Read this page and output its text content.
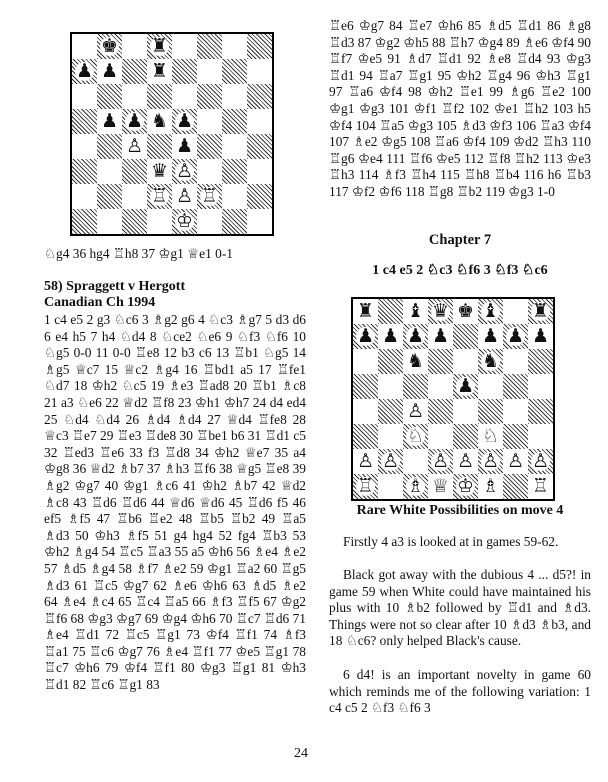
♚ ♜
♟ ♟ ♜
♟ ♟ ♞ ♟
♙ ♟
♛ ♙
♖ ♙ ♖
♔

♘g4 36 hg4 ♖h8 37 ♔g1 ♕e1 0-1

58) Spraggett v Hergott

Canadian Ch 1994

1 c4 e5 2 g3 ♘c6 3 ♗g2 g6 4 ♘c3 ♗g7 5 d3 d6 6 e4 h5 7 h4 ♘d4 8 ♘ce2 ♘e6 9 ♘f3 ♘f6 10 ♘g5 0-0 11 0-0 ♖e8 12 b3 c6 13 ♖b1 ♘g5 14 ♗g5 ♕c7 15 ♕c2 ♗g4 16 ♖bd1 a5 17 ♖fe1 ♘d7 18 ♔h2 ♘c5 19 ♗e3 ♖ad8 20 ♖b1 ♗c8 21 a3 ♘e6 22 ♕d2 ♖f8 23 ♔h1 ♔h7 24 d4 ed4 25 ♘d4 ♘d4 26 ♗d4 ♗d4 27 ♕d4 ♖fe8 28 ♕c3 ♖e7 29 ♖e3 ♖de8 30 ♖be1 b6 31 ♖d1 c5 32 ♖ed3 ♖e6 33 f3 ♖d8 34 ♔h2 ♕e7 35 a4 ♔g8 36 ♕d2 ♗b7 37 ♗h3 ♖f6 38 ♕g5 ♖e8 39 ♗g2 ♔g7 40 ♔g1 ♗c6 41 ♔h2 ♗b7 42 ♕d2 ♗c8 43 ♖d6 ♖d6 44 ♕d6 ♕d6 45 ♖d6 f5 46 ef5 ♗f5 47 ♖b6 ♖e2 48 ♖b5 ♖b2 49 ♖a5 ♗d3 50 ♔h3 ♗f5 51 g4 hg4 52 fg4 ♖b3 53 ♔h2 ♗g4 54 ♖c5 ♖a3 55 a5 ♔h6 56 ♗e4 ♗e2 57 ♗d5 ♗g4 58 ♗f7 ♗e2 59 ♔g1 ♖a2 60 ♖g5 ♗d3 61 ♖c5 ♔g7 62 ♗e6 ♔h6 63 ♗d5 ♗e2 64 ♗e4 ♗c4 65 ♖c4 ♖a5 66 ♗f3 ♖f5 67 ♔g2 ♖f6 68 ♔g3 ♔g7 69 ♔g4 ♔h6 70 ♖c7 ♖d6 71 ♗e4 ♖d1 72 ♖c5 ♖g1 73 ♔f4 ♖f1 74 ♗f3 ♖a1 75 ♖c6 ♔g7 76 ♗e4 ♖f1 77 ♔e5 ♖g1 78 ♖c7 ♔h6 79 ♔f4 ♖f1 80 ♔g3 ♖g1 81 ♔h3 ♖d1 82 ♖c6 ♖g1 83

♖e6 ♔g7 84 ♖e7 ♔h6 85 ♗d5 ♖d1 86 ♗g8 ♖d3 87 ♔g2 ♔h5 88 ♖h7 ♔g4 89 ♗e6 ♔f4 90 ♖f7 ♔e5 91 ♗d7 ♖d1 92 ♗e8 ♖d4 93 ♔g3 ♖d1 94 ♖a7 ♖g1 95 ♔h2 ♖g4 96 ♔h3 ♖g1 97 ♖a6 ♔f4 98 ♔h2 ♖e1 99 ♗g6 ♖e2 100 ♔g1 ♔g3 101 ♔f1 ♖f2 102 ♔e1 ♖h2 103 h5 ♔f4 104 ♖a5 ♔g3 105 ♗d3 ♔f3 106 ♖a3 ♔f4 107 ♗e2 ♔g5 108 ♖a6 ♔f4 109 ♔d2 ♖h3 110 ♖g6 ♔e4 111 ♖f6 ♔e5 112 ♖f8 ♖h2 113 ♔e3 ♖h3 114 ♗f3 ♖h4 115 ♖h8 ♖b4 116 h6 ♖b3 117 ♔f2 ♔f6 118 ♖g8 ♖b2 119 ♔g3 1-0

Chapter 7

1 c4 e5 2 ♘c3 ♘f6 3 ♘f3 ♘c6

♜ ♝ ♛ ♚ ♝ ♜
♟ ♟ ♟ ♟ ♟ ♟ ♟
♞	♞
♟
♙
♘	♘
♙ ♙ ♙ ♙ ♙ ♙ ♙
♖ ♗ ♕ ♔ ♗ ♖

Rare White Possibilities on move 4

Firstly 4 a3 is looked at in games 59-62.

Black got away with the dubious 4 ... d5?! in game 59 when White could have maintained his plus with 10 ♗b2 followed by ♖d1 and ♗d3. Things were not so clear after 10 ♗d3 ♗b3, and 18 ♘c6? only helped Black's cause.

6 d4! is an important novelty in game 60 which reminds me of the following variation: 1 c4 c5 2 ♘f3 ♘f6 3

24
